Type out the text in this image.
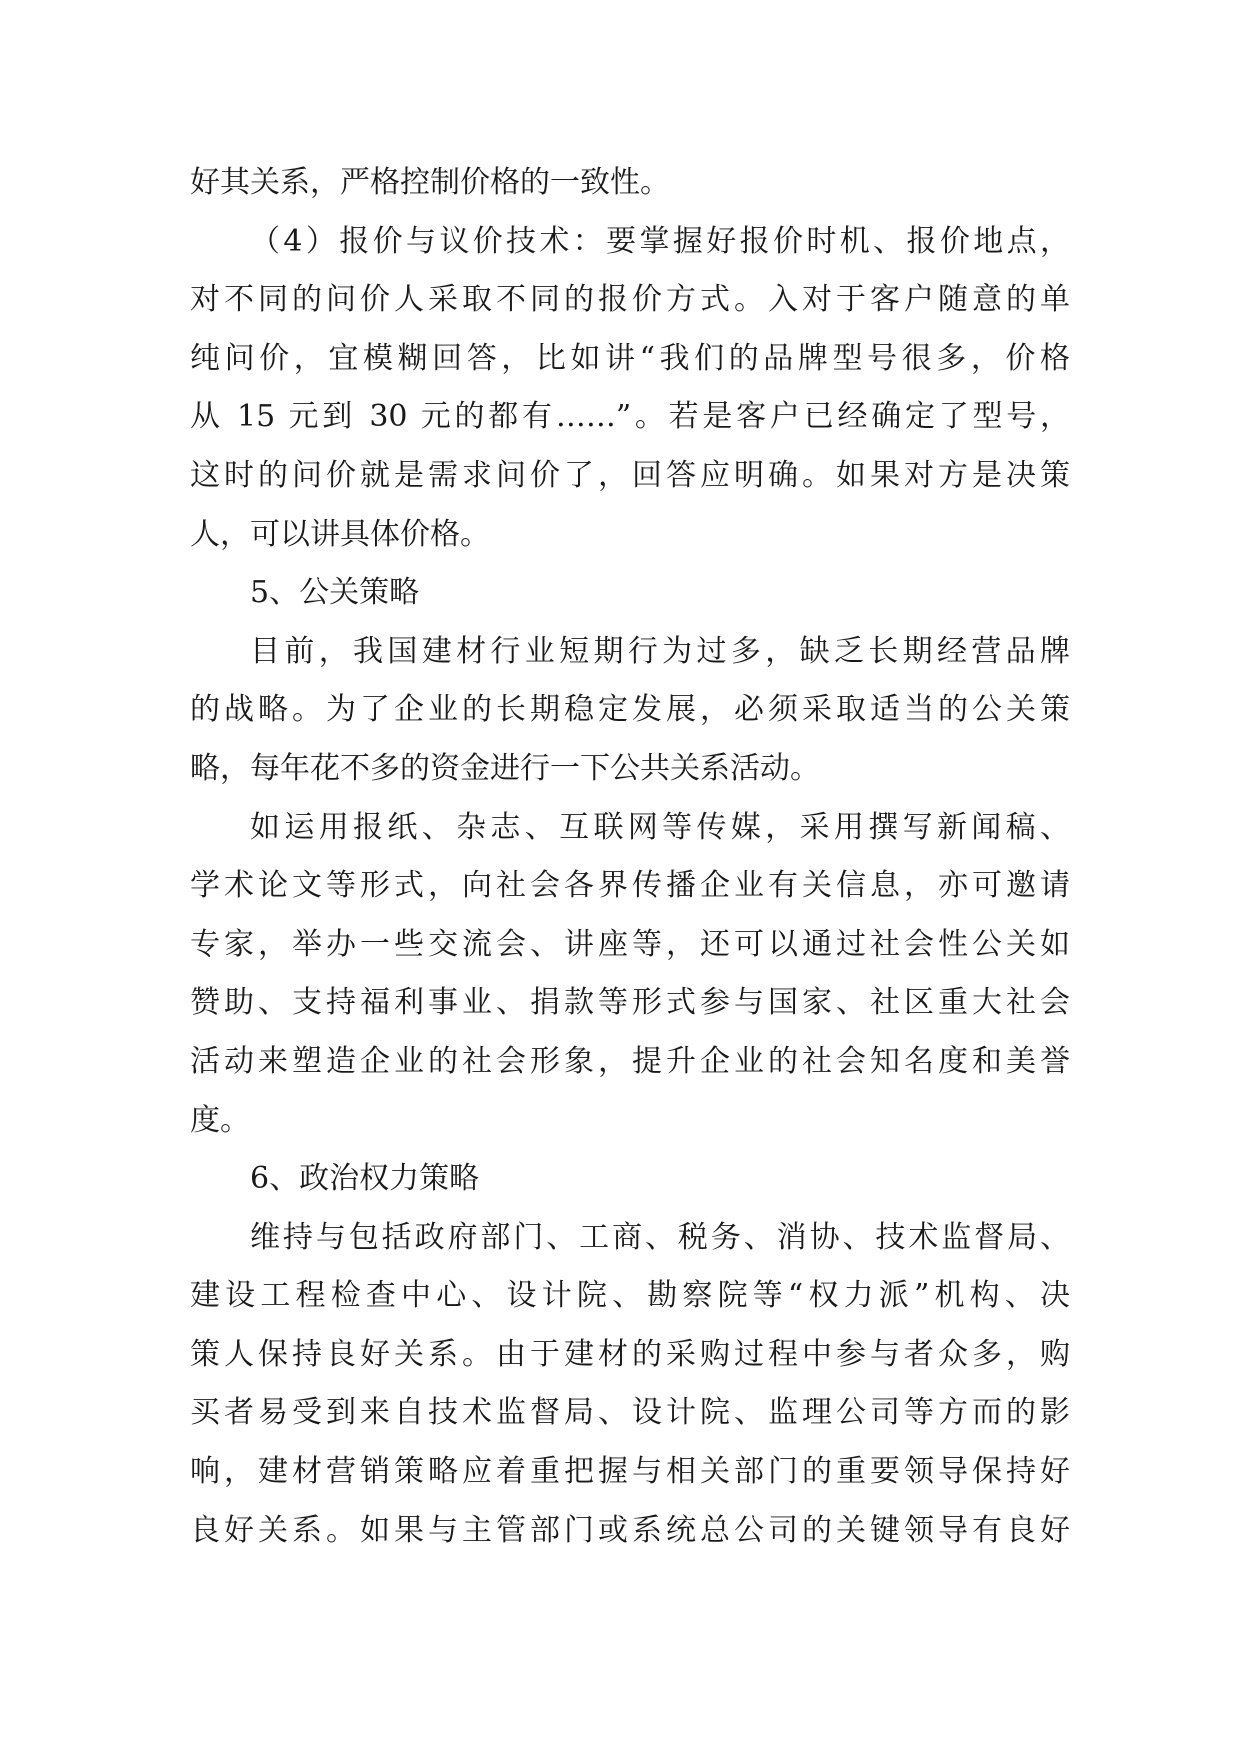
好其关系，严格控制价格的一致性。
（4）报价与议价技术：要掌握好报价时机、报价地点，
对不同的问价人采取不同的报价方式。入对于客户随意的单
纯问价，宜模糊回答，比如讲“我们的品牌型号很多，价格
从 15 元到 30 元的都有……”。若是客户已经确定了型号，
这时的问价就是需求问价了，回答应明确。如果对方是决策
人，可以讲具体价格。
5、公关策略
目前，我国建材行业短期行为过多，缺乏长期经营品牌
的战略。为了企业的长期稳定发展，必须采取适当的公关策
略，每年花不多的资金进行一下公共关系活动。
如运用报纸、杂志、互联网等传媒，采用撰写新闻稿、
学术论文等形式，向社会各界传播企业有关信息，亦可邀请
专家，举办一些交流会、讲座等，还可以通过社会性公关如
赞助、支持福利事业、捐款等形式参与国家、社区重大社会
活动来塑造企业的社会形象，提升企业的社会知名度和美誉
度。
6、政治权力策略
维持与包括政府部门、工商、税务、消协、技术监督局、
建设工程检查中心、设计院、勘察院等“权力派”机构、决
策人保持良好关系。由于建材的采购过程中参与者众多，购
买者易受到来自技术监督局、设计院、监理公司等方而的影
响，建材营销策略应着重把握与相关部门的重要领导保持好
良好关系。如果与主管部门或系统总公司的关键领导有良好
